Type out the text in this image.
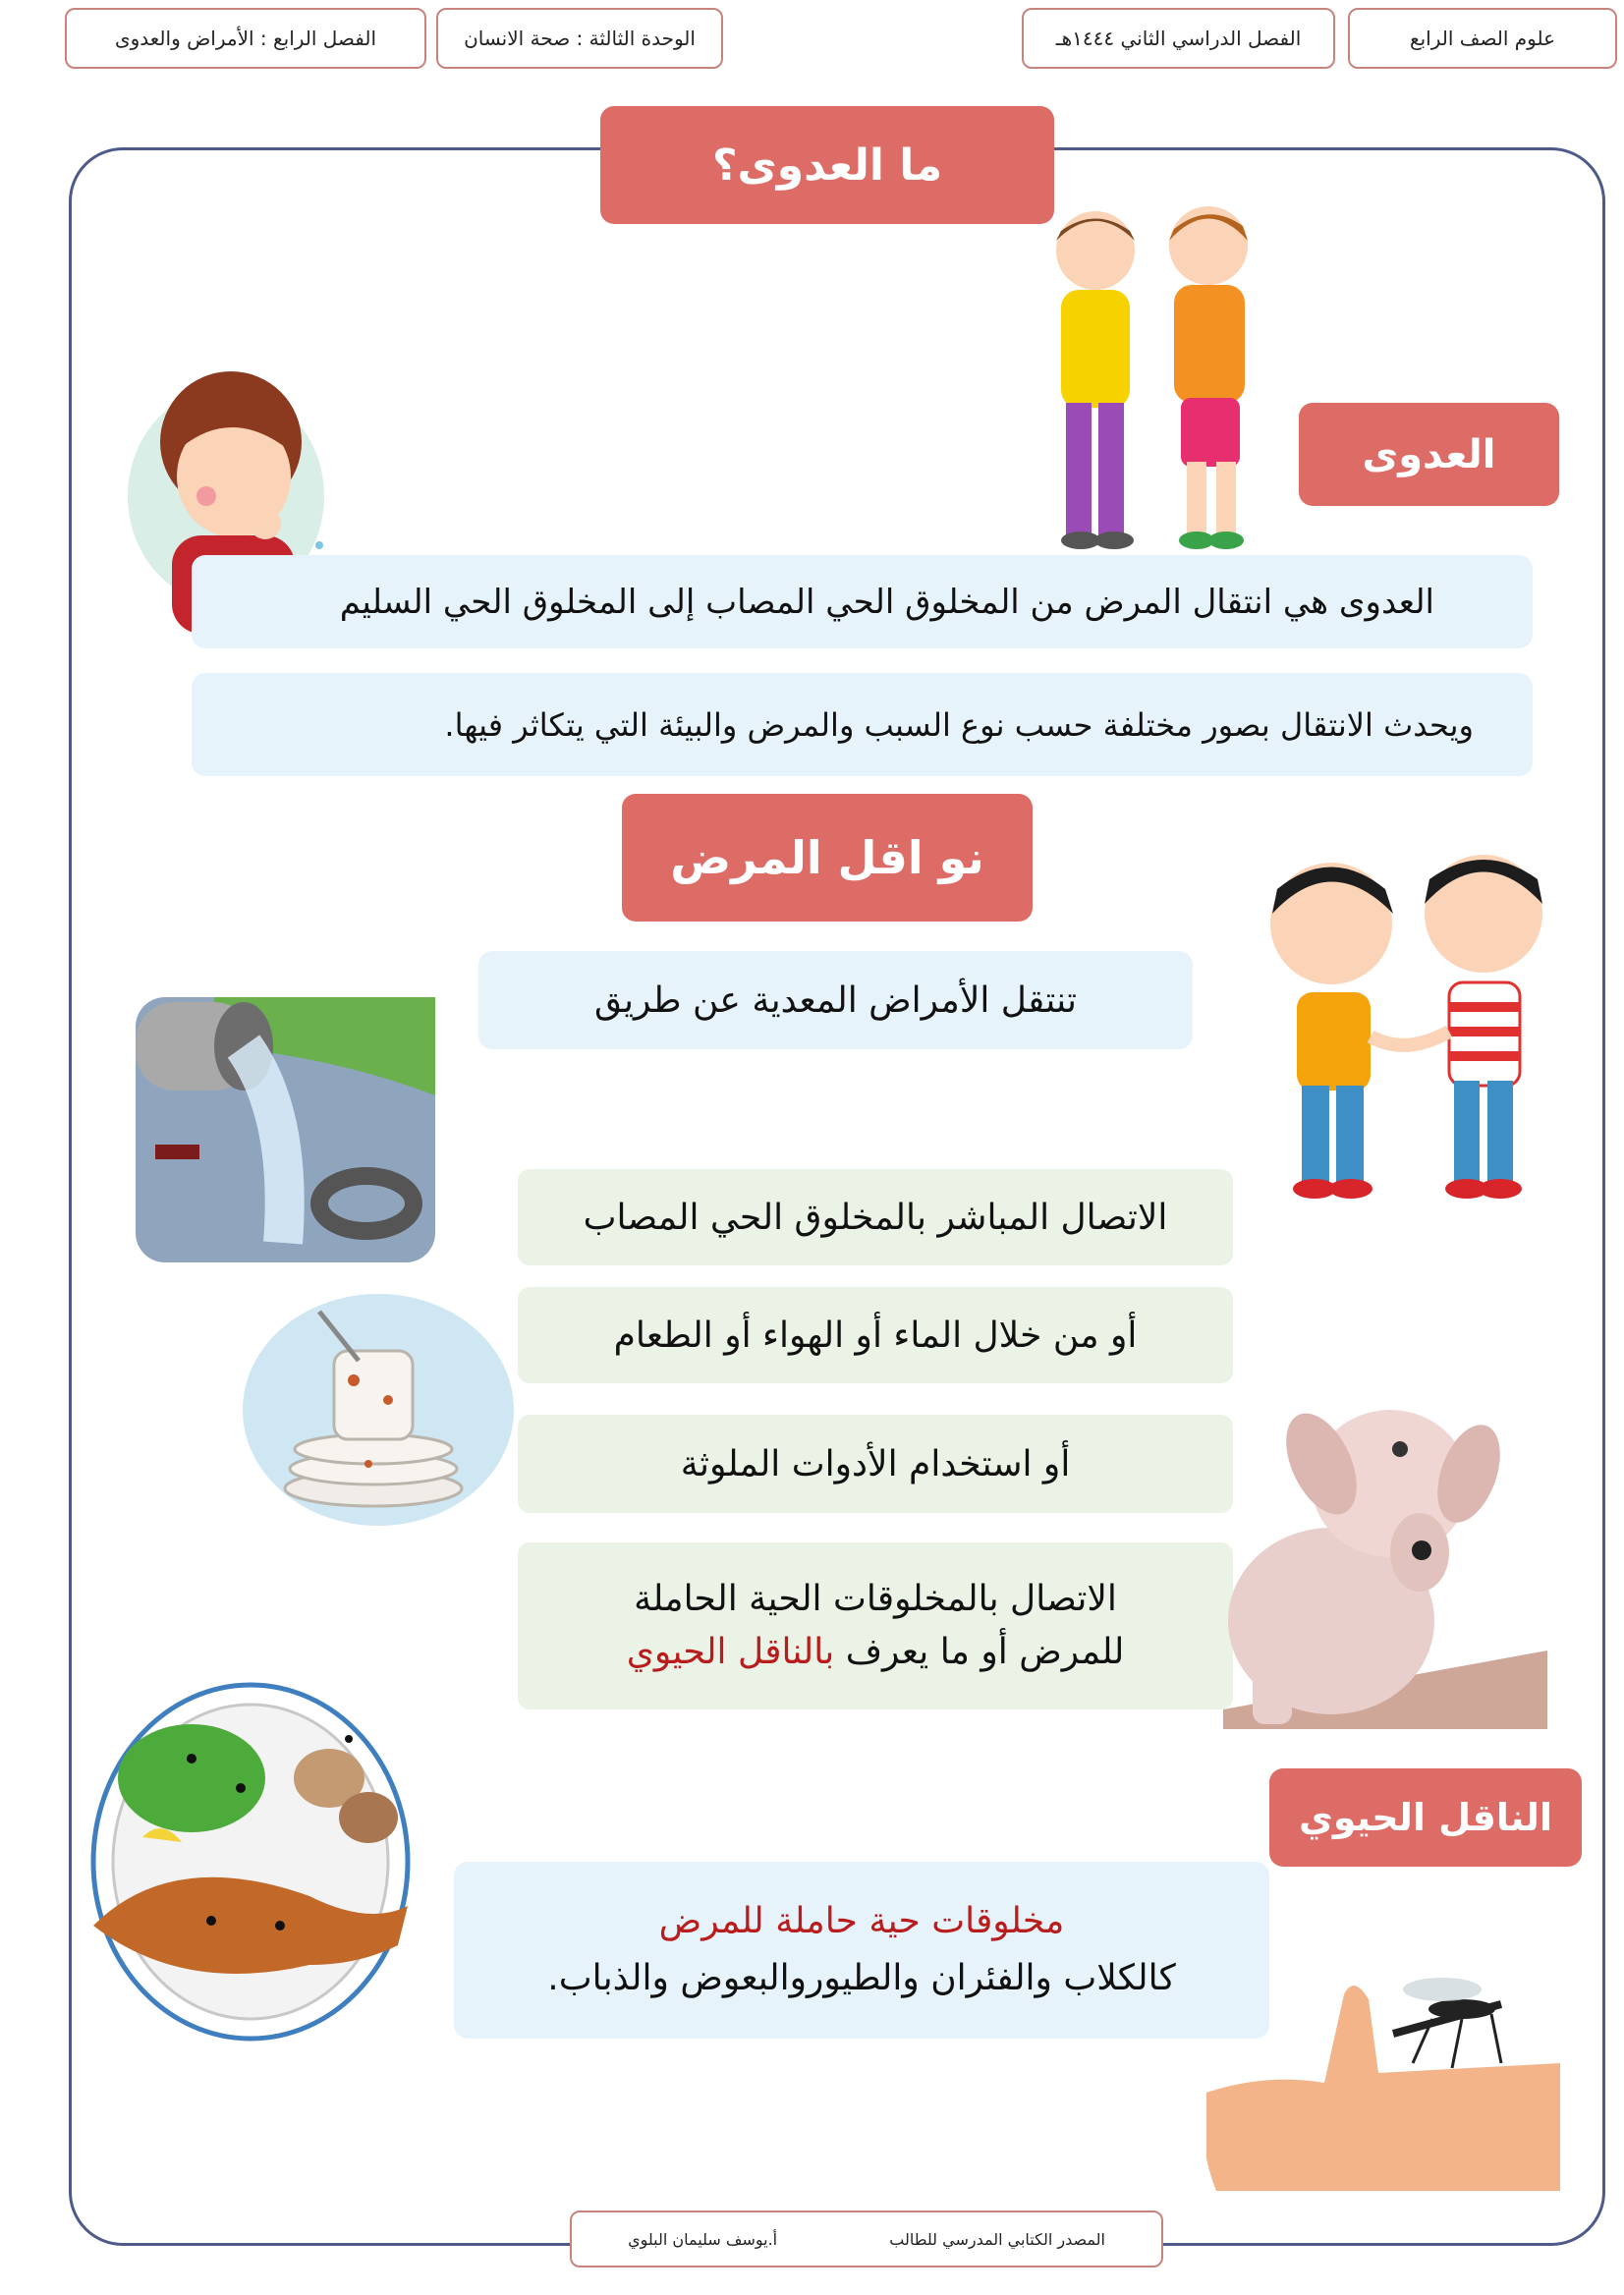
علوم الصف الرابع
الفصل الدراسي الثاني ١٤٤٤هـ
الوحدة الثالثة : صحة الانسان
الفصل الرابع : الأمراض والعدوى
ما العدوى؟
العدوى
العدوى هي انتقال المرض من المخلوق الحي المصاب إلى المخلوق الحي السليم
ويحدث الانتقال بصور مختلفة حسب نوع السبب والمرض والبيئة التي يتكاثر فيها.
نو اقل المرض
تنتقل الأمراض المعدية عن طريق
الاتصال المباشر بالمخلوق الحي المصاب
أو من خلال الماء أو الهواء أو الطعام
أو استخدام الأدوات الملوثة
الاتصال بالمخلوقات الحية الحاملة
للمرض أو ما يعرف بالناقل الحيوي
الناقل الحيوي
مخلوقات حية حاملة للمرض
كالكلاب والفئران والطيوروالبعوض والذباب.
المصدر الكتابي المدرسي للطالب
أ.يوسف سليمان البلوي
